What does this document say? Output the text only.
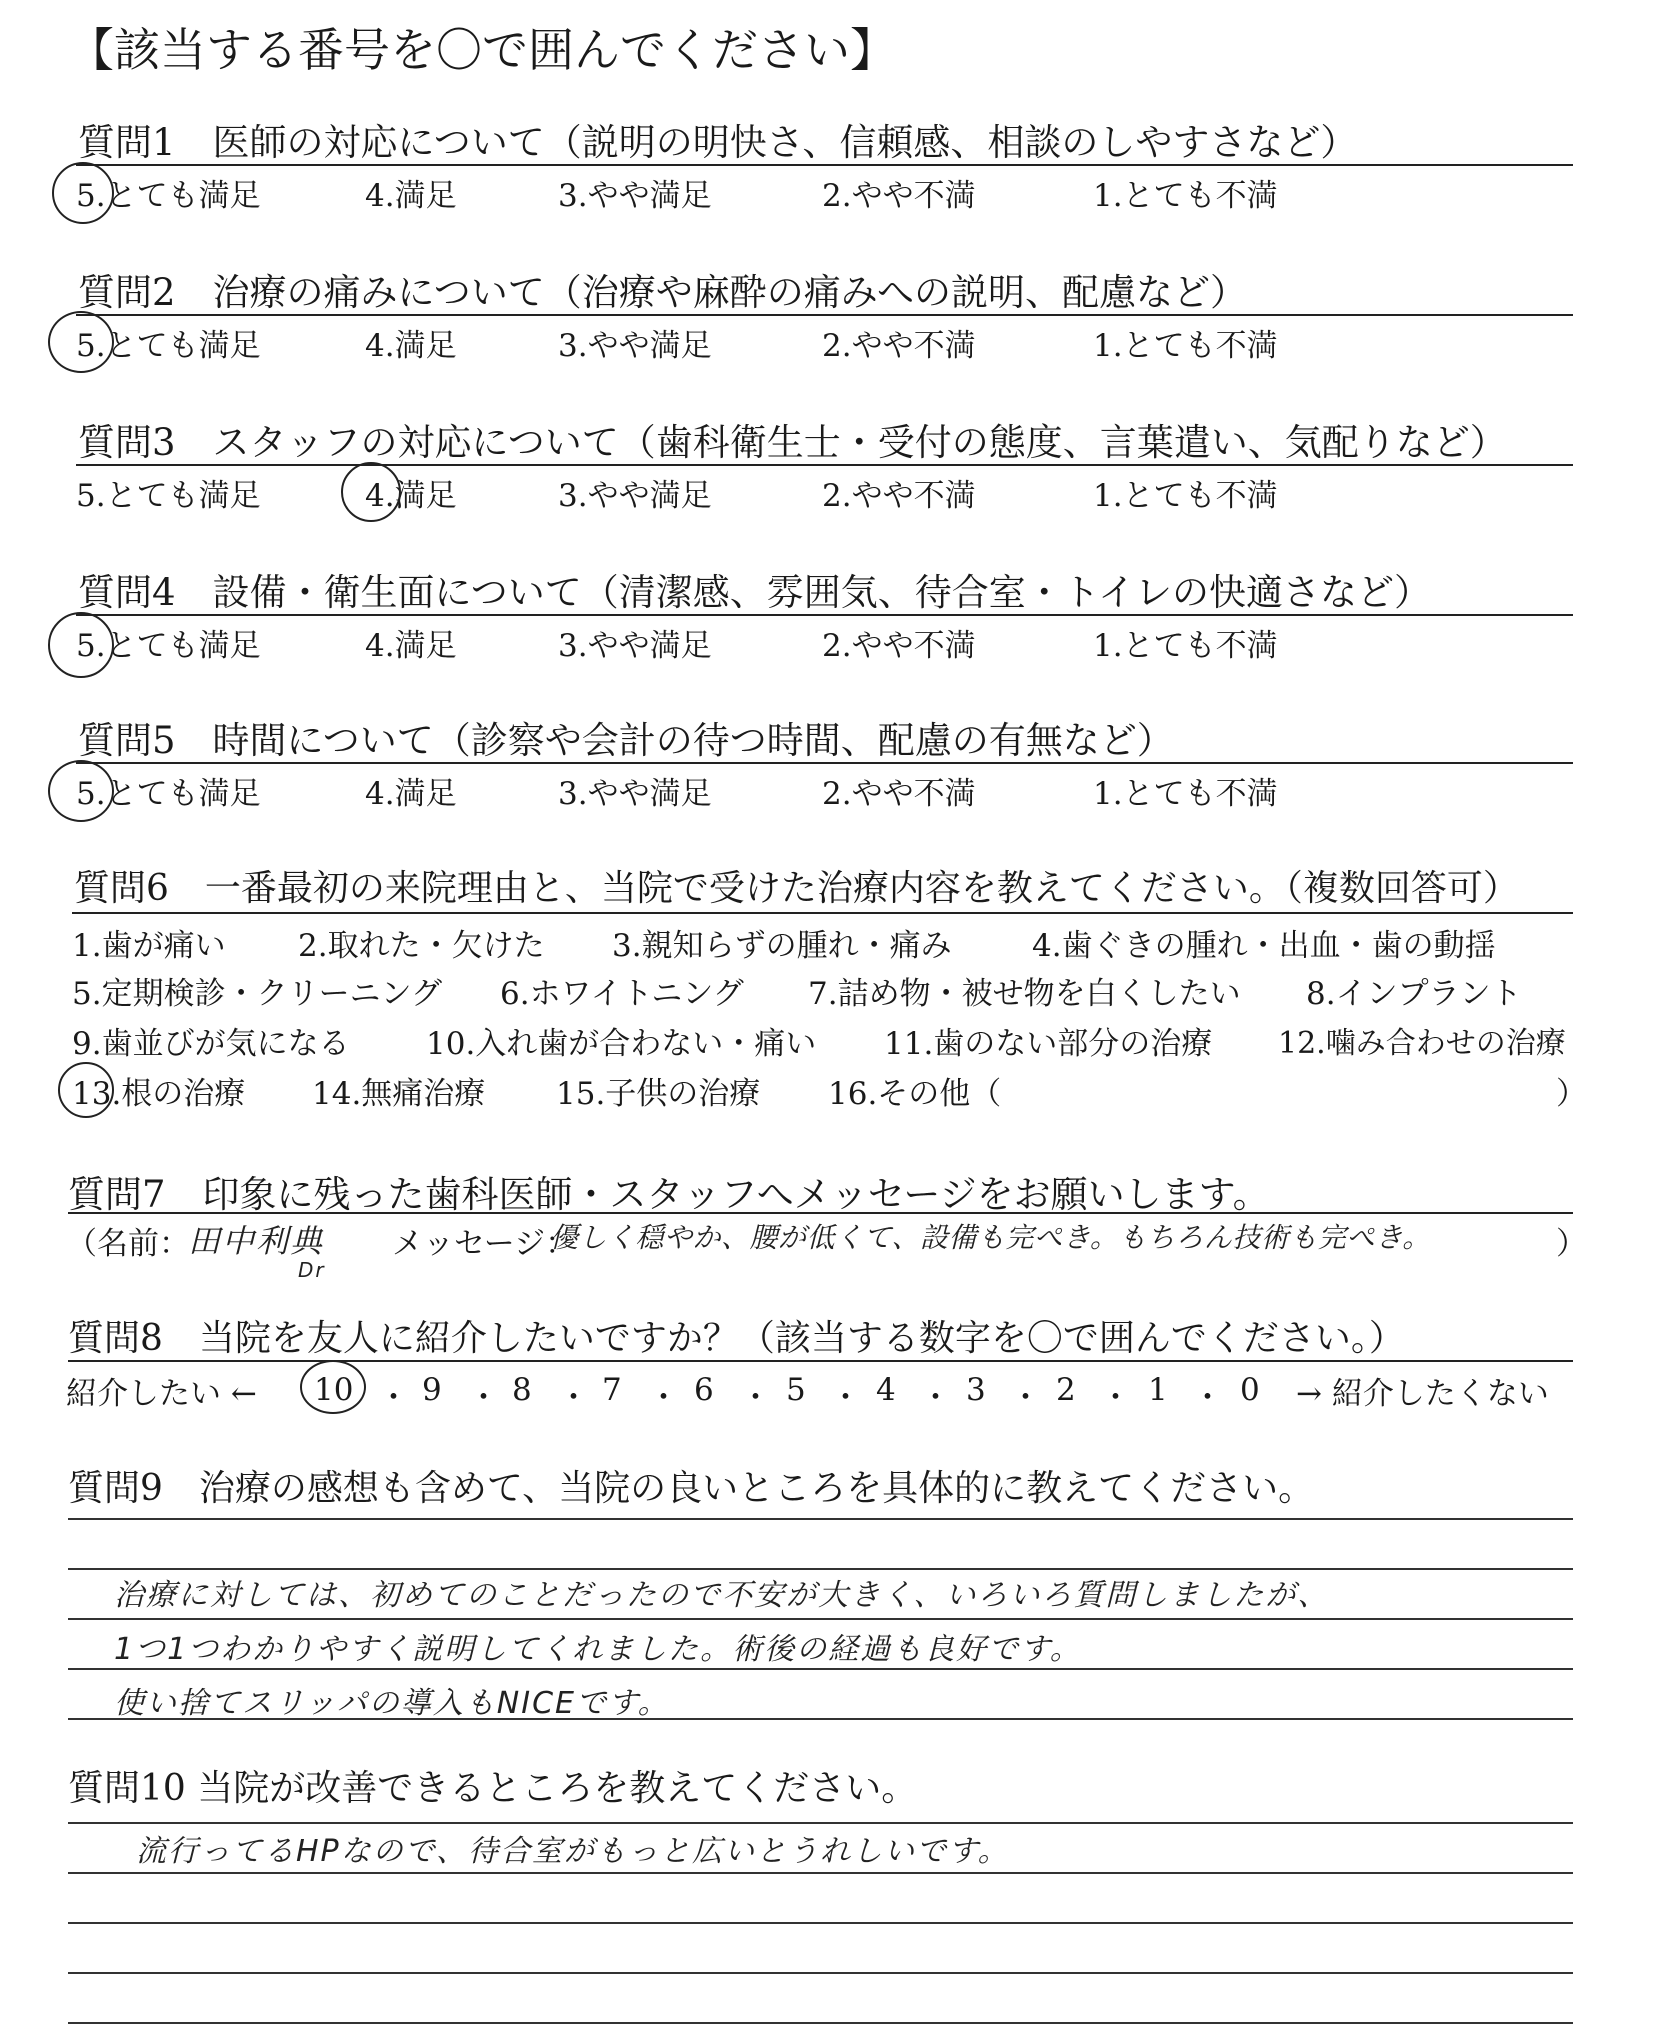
【該当する番号を〇で囲んでください】
質問1　医師の対応について（説明の明快さ、信頼感、相談のしやすさなど）
5.とても満足	4.満足	3.やや満足	2.やや不満	1.とても不満
質問2　治療の痛みについて（治療や麻酔の痛みへの説明、配慮など）
5.とても満足	4.満足	3.やや満足	2.やや不満	1.とても不満
質問3　スタッフの対応について（歯科衛生士・受付の態度、言葉遣い、気配りなど）
5.とても満足	4.満足	3.やや満足	2.やや不満	1.とても不満
質問4　設備・衛生面について（清潔感、雰囲気、待合室・トイレの快適さなど）
5.とても満足	4.満足	3.やや満足	2.やや不満	1.とても不満
質問5　時間について（診察や会計の待つ時間、配慮の有無など）
5.とても満足	4.満足	3.やや満足	2.やや不満	1.とても不満
質問6　一番最初の来院理由と、当院で受けた治療内容を教えてください。（複数回答可）
1.歯が痛い 2.取れた・欠けた 3.親知らずの腫れ・痛み	4.歯ぐきの腫れ・出血・歯の動揺
5.定期検診・クリーニング 6.ホワイトニング 7.詰め物・被せ物を白くしたい 8.インプラント
9.歯並びが気になる 10.入れ歯が合わない・痛い 11.歯のない部分の治療 12.噛み合わせの治療
13.根の治療 14.無痛治療 15.子供の治療 16.その他（	）
質問7　印象に残った歯科医師・スタッフへメッセージをお願いします。
（名前：
田中利典
Dr
メッセージ：
優しく穏やか、腰が低くて、設備も完ぺき。もちろん技術も完ぺき。	）
質問8　当院を友人に紹介したいですか？（該当する数字を〇で囲んでください。）
紹介したい ← 10 ・ 9 ・ 8 ・ 7 ・ 6 ・ 5 ・ 4 ・ 3 ・ 2 ・ 1 ・ 0 → 紹介したくない
質問9　治療の感想も含めて、当院の良いところを具体的に教えてください。
治療に対しては、初めてのことだったので不安が大きく、いろいろ質問しましたが、
1つ1つわかりやすく説明してくれました。術後の経過も良好です。
使い捨てスリッパの導入もNICEです。
質問10 当院が改善できるところを教えてください。
流行ってるHPなので、待合室がもっと広いとうれしいです。
